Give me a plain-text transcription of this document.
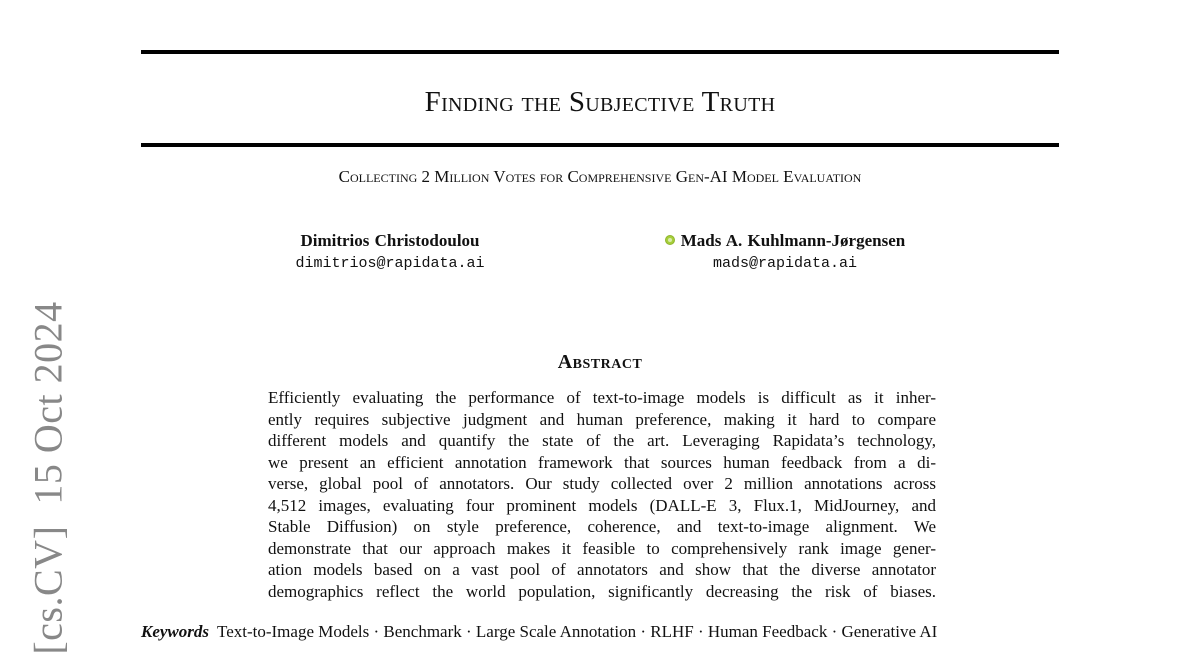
[cs.CV]  15 Oct 2024
Finding the Subjective Truth
Collecting 2 Million Votes for Comprehensive Gen-AI Model Evaluation
Dimitrios Christodoulou
dimitrios@rapidata.ai
Mads A. Kuhlmann-Jørgensen
mads@rapidata.ai
Abstract
Efficiently evaluating the performance of text-to-image models is difficult as it inher-
ently requires subjective judgment and human preference, making it hard to compare
different models and quantify the state of the art. Leveraging Rapidata’s technology,
we present an efficient annotation framework that sources human feedback from a di-
verse, global pool of annotators. Our study collected over 2 million annotations across
4,512 images, evaluating four prominent models (DALL-E 3, Flux.1, MidJourney, and
Stable Diffusion) on style preference, coherence, and text-to-image alignment. We
demonstrate that our approach makes it feasible to comprehensively rank image gener-
ation models based on a vast pool of annotators and show that the diverse annotator
demographics reflect the world population, significantly decreasing the risk of biases.
Keywords Text-to-Image Models · Benchmark · Large Scale Annotation · RLHF · Human Feedback · Generative AI
